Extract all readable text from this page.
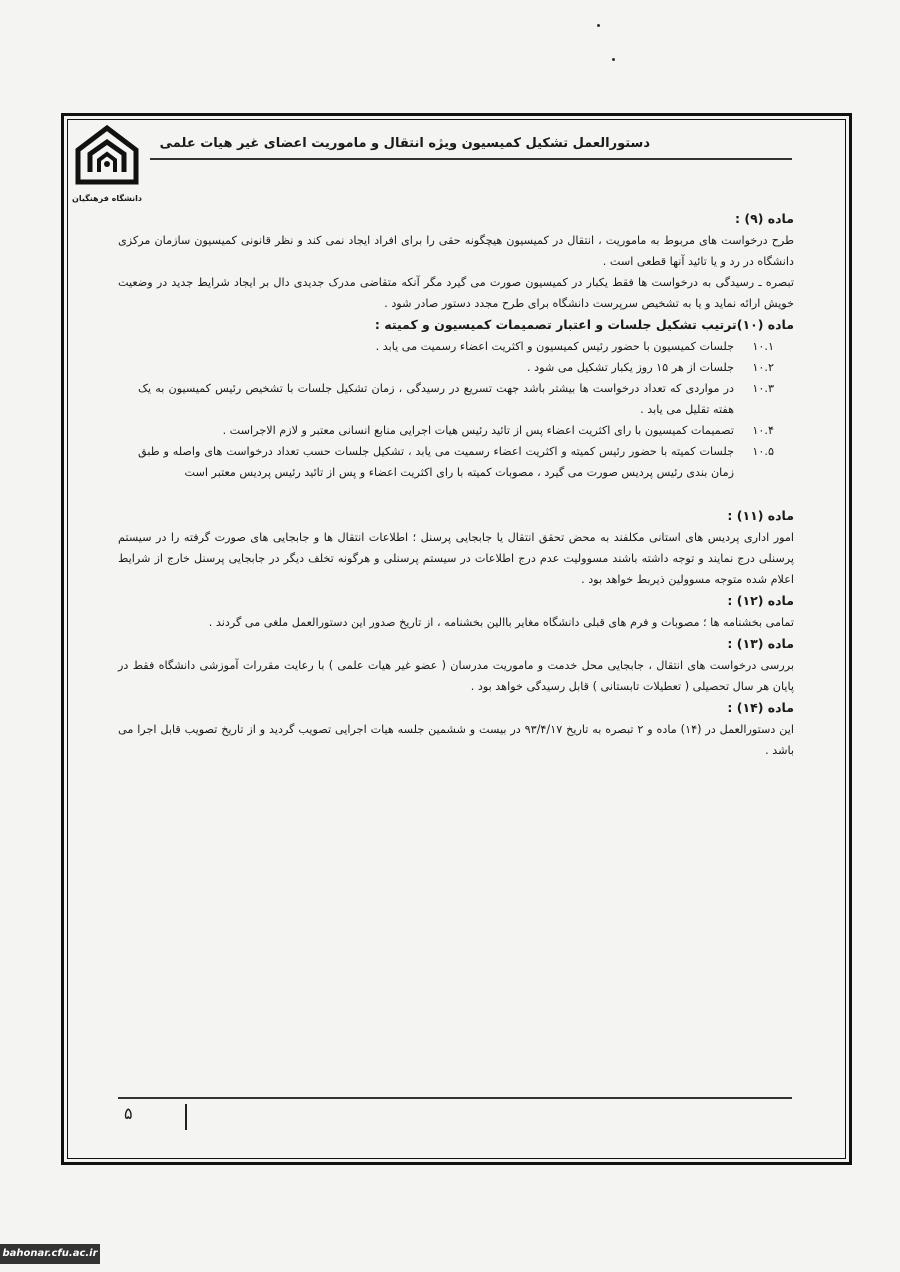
دانشگاه فرهنگیان
دستورالعمل تشکیل کمیسیون ویژه انتقال و ماموریت اعضای غیر هیات علمی
ماده (۹) :

طرح درخواست های مربوط به ماموریت ، انتقال در کمیسیون هیچگونه حقی را برای افراد ایجاد نمی کند و نظر قانونی کمیسیون سازمان مرکزی دانشگاه در رد و یا تائید آنها قطعی است .

تبصره ـ رسیدگی به درخواست ها فقط یکبار در کمیسیون صورت می گیرد مگر آنکه متقاضی مدرک جدیدی دال بر ایجاد شرایط جدید در وضعیت خویش ارائه نماید و یا به تشخیص سرپرست دانشگاه برای طرح مجدد دستور صادر شود .

ماده (۱۰)ترتیب تشکیل جلسات و اعتبار تصمیمات کمیسیون و کمیته :
۱۰.۱
جلسات کمیسیون با حضور رئیس کمیسیون و اکثریت اعضاء رسمیت می یابد .
۱۰.۲
جلسات از هر ۱۵ روز یکبار تشکیل می شود .
۱۰.۳
در مواردی که تعداد درخواست ها بیشتر باشد جهت تسریع در رسیدگی ، زمان تشکیل جلسات با تشخیص رئیس کمیسیون به یک هفته تقلیل می یابد .
۱۰.۴
تصمیمات کمیسیون با رای اکثریت اعضاء پس از تائید رئیس هیات اجرایی منابع انسانی معتبر و لازم الاجراست .
۱۰.۵
جلسات کمیته با حضور رئیس کمیته و اکثریت اعضاء رسمیت می یابد ، تشکیل جلسات حسب تعداد درخواست های واصله و طبق زمان بندی رئیس پردیس صورت می گیرد ، مصوبات کمیته با رای اکثریت اعضاء و پس از تائید رئیس پردیس معتبر است
ماده (۱۱) :

امور اداری پردیس های استانی مکلفند به محض تحقق انتقال یا جابجایی پرسنل ؛ اطلاعات انتقال ها و جابجایی های صورت گرفته را در سیستم پرسنلی درج نمایند و توجه داشته باشند مسوولیت عدم درج اطلاعات در سیستم پرسنلی و هرگونه تخلف دیگر در جابجایی پرسنل خارج از شرایط اعلام شده متوجه مسوولین ذیربط خواهد بود .

ماده (۱۲) :

تمامی بخشنامه ها ؛ مصوبات و فرم های قبلی دانشگاه مغایر باالین بخشنامه ، از تاریخ صدور این دستورالعمل ملغی می گردند .

ماده (۱۳) :

بررسی درخواست های انتقال ، جابجایی محل خدمت و ماموریت مدرسان ( عضو غیر هیات علمی ) با رعایت مقررات آموزشی دانشگاه فقط در پایان هر سال تحصیلی ( تعطیلات تابستانی ) قابل رسیدگی خواهد بود .

ماده (۱۴) :

این دستورالعمل در (۱۴) ماده و ۲ تبصره به تاریخ ۹۳/۴/۱۷ در بیست و ششمین جلسه هیات اجرایی تصویب گردید و از تاریخ تصویب قابل اجرا می باشد .

۵
bahonar.cfu.ac.ir
